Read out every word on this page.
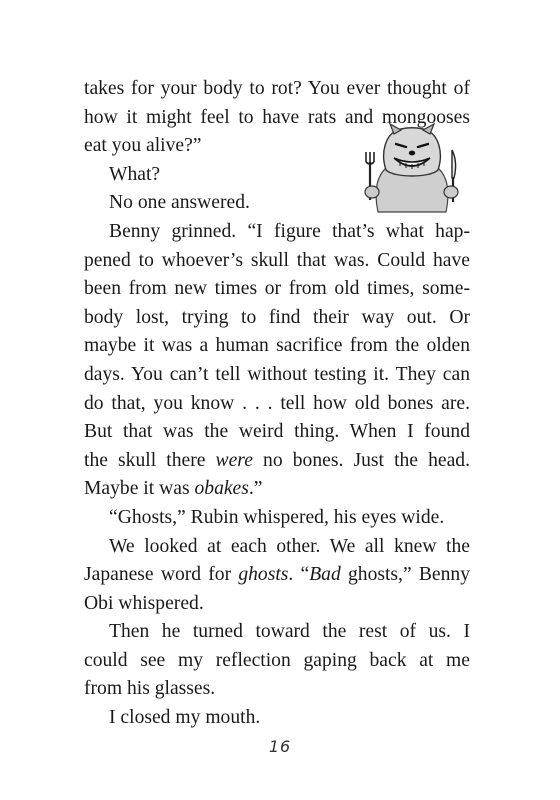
takes for your body to rot? You ever thought of
how it might feel to have rats and mongooses
eat you alive?”
What?
No one answered.
Benny grinned. “I figure that’s what hap-
pened to whoever’s skull that was. Could have
been from new times or from old times, some-
body lost, trying to find their way out. Or
maybe it was a human sacrifice from the olden
days. You can’t tell without testing it. They can
do that, you know . . . tell how old bones are.
But that was the weird thing. When I found
the skull there were no bones. Just the head.
Maybe it was obakes.”
“Ghosts,” Rubin whispered, his eyes wide.
We looked at each other. We all knew the
Japanese word for ghosts. “Bad ghosts,” Benny
Obi whispered.
Then he turned toward the rest of us. I
could see my reflection gaping back at me
from his glasses.
I closed my mouth.
16
